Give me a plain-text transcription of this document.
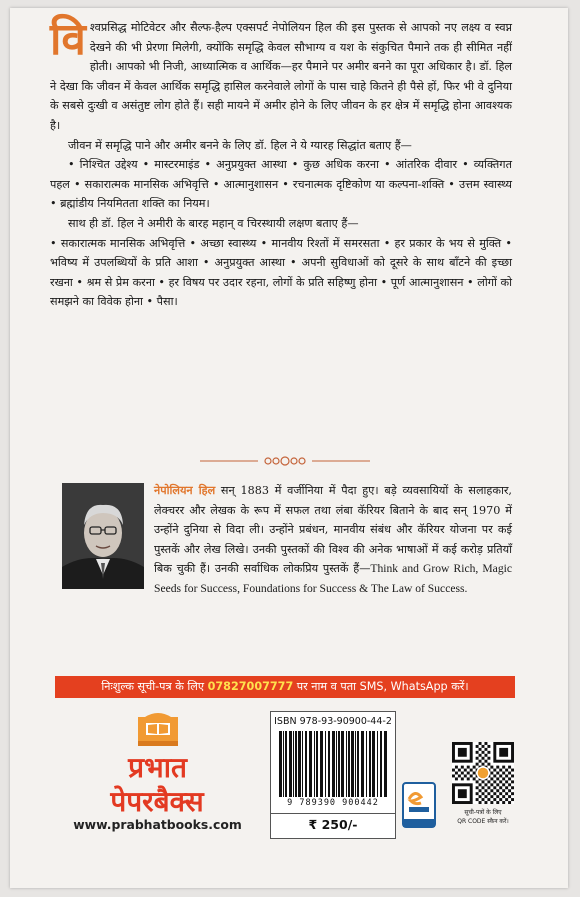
विश्वप्रसिद्ध मोटिवेटर और सैल्फ-हैल्प एक्सपर्ट नेपोलियन हिल की इस पुस्तक से आपको नए लक्ष्य व स्वप्न देखने की भी प्रेरणा मिलेगी, क्योंकि समृद्धि केवल सौभाग्य व यश के संकुचित पैमाने तक ही सीमित नहीं होती। आपको भी निजी, आध्यात्मिक व आर्थिक—हर पैमाने पर अमीर बनने का पूरा अधिकार है। डॉ. हिल ने देखा कि जीवन में केवल आर्थिक समृद्धि हासिल करनेवाले लोगों के पास चाहे कितने ही पैसे हों, फिर भी वे दुनिया के सबसे दुःखी व असंतुष्ट लोग होते हैं। सही मायने में अमीर होने के लिए जीवन के हर क्षेत्र में समृद्धि होना आवश्यक है।

जीवन में समृद्धि पाने और अमीर बनने के लिए डॉ. हिल ने ये ग्यारह सिद्धांत बताए हैं—

• निश्चित उद्देश्य • मास्टरमाइंड • अनुप्रयुक्त आस्था • कुछ अधिक करना • आंतरिक दीवार • व्यक्तिगत पहल • सकारात्मक मानसिक अभिवृत्ति • आत्मानुशासन • रचनात्मक दृष्टिकोण या कल्पना-शक्ति • उत्तम स्वास्थ्य • ब्रह्मांडीय नियमितता शक्ति का नियम।

साथ ही डॉ. हिल ने अमीरी के बारह महान् व चिरस्थायी लक्षण बताए हैं—

• सकारात्मक मानसिक अभिवृत्ति • अच्छा स्वास्थ्य • मानवीय रिश्तों में समरसता • हर प्रकार के भय से मुक्ति • भविष्य में उपलब्धियों के प्रति आशा • अनुप्रयुक्त आस्था • अपनी सुविधाओं को दूसरे के साथ बाँटने की इच्छा रखना • श्रम से प्रेम करना • हर विषय पर उदार रहना, लोगों के प्रति सहिष्णु होना • पूर्ण आत्मानुशासन • लोगों को समझने का विवेक होना • पैसा।

नेपोलियन हिल सन् 1883 में वर्जीनिया में पैदा हुए। बड़े व्यवसायियों के सलाहकार, लेक्चरर और लेखक के रूप में सफल तथा लंबा कॅरियर बिताने के बाद सन् 1970 में उन्होंने दुनिया से विदा ली। उन्होंने प्रबंधन, मानवीय संबंध और कॅरियर योजना पर कई पुस्तकें और लेख लिखे। उनकी पुस्तकों की विश्व की अनेक भाषाओं में कई करोड़ प्रतियाँ बिक चुकी हैं। उनकी सर्वाधिक लोकप्रिय पुस्तकें हैं—Think and Grow Rich, Magic Seeds for Success, Foundations for Success & The Law of Success.

निःशुल्क सूची-पत्र के लिए 07827007777 पर नाम व पता SMS, WhatsApp करें।
प्रभात
पेपरबैक्स
www.prabhatbooks.com
ISBN 978-93-90900-44-2
9 789390 900442
₹ 250/-
सूची-पत्रों के लिए
QR CODE स्कैन करें।
